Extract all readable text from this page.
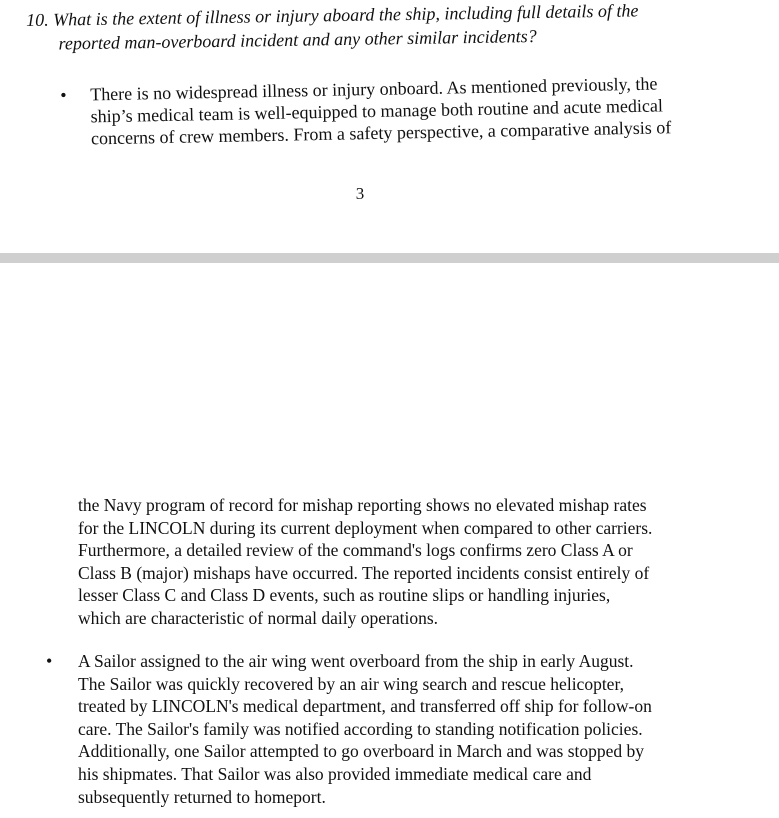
10. What is the extent of illness or injury aboard the ship, including full details of the
reported man-overboard incident and any other similar incidents?
• There is no widespread illness or injury onboard. As mentioned previously, the
ship’s medical team is well-equipped to manage both routine and acute medical
concerns of crew members. From a safety perspective, a comparative analysis of
3
the Navy program of record for mishap reporting shows no elevated mishap rates
for the LINCOLN during its current deployment when compared to other carriers.
Furthermore, a detailed review of the command's logs confirms zero Class A or
Class B (major) mishaps have occurred. The reported incidents consist entirely of
lesser Class C and Class D events, such as routine slips or handling injuries,
which are characteristic of normal daily operations.
• A Sailor assigned to the air wing went overboard from the ship in early August.
The Sailor was quickly recovered by an air wing search and rescue helicopter,
treated by LINCOLN's medical department, and transferred off ship for follow-on
care. The Sailor's family was notified according to standing notification policies.
Additionally, one Sailor attempted to go overboard in March and was stopped by
his shipmates. That Sailor was also provided immediate medical care and
subsequently returned to homeport.
